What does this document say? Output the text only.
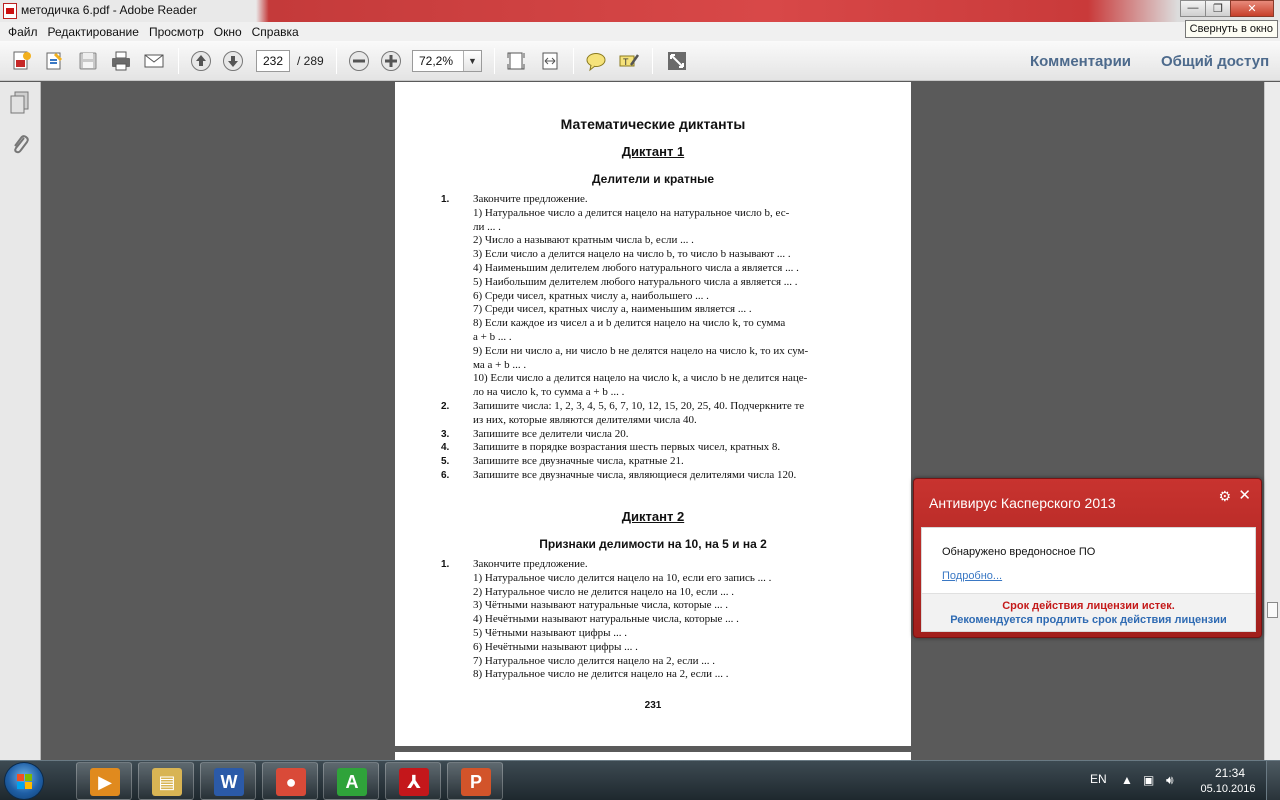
методичка 6.pdf - Adobe Reader	—	❐	✕
Свернуть в окно
Файл Редактирование Просмотр Окно Справка
232	/ 289	72,2%	▼	T	Комментарии Общий доступ
Математические диктанты
Диктант 1
Делители и кратные
1. Закончите предложение.
1) Натуральное число a делится нацело на натуральное число b, ес-
ли ... .
2) Число a называют кратным числа b, если ... .
3) Если число a делится нацело на число b, то число b называют ... .
4) Наименьшим делителем любого натурального числа a является ... .
5) Наибольшим делителем любого натурального числа a является ... .
6) Среди чисел, кратных числу a, наибольшего ... .
7) Среди чисел, кратных числу a, наименьшим является ... .
8) Если каждое из чисел a и b делится нацело на число k, то сумма
a + b ... .
9) Если ни число a, ни число b не делятся нацело на число k, то их сум-
ма a + b ... .
10) Если число a делится нацело на число k, а число b не делится наце-
ло на число k, то сумма a + b ... .
2. Запишите числа: 1, 2, 3, 4, 5, 6, 7, 10, 12, 15, 20, 25, 40. Подчеркните те
из них, которые являются делителями числа 40.
3. Запишите все делители числа 20.
4. Запишите в порядке возрастания шесть первых чисел, кратных 8.
5. Запишите все двузначные числа, кратные 21.
6. Запишите все двузначные числа, являющиеся делителями числа 120.
Диктант 2
Признаки делимости на 10, на 5 и на 2
1. Закончите предложение.
1) Натуральное число делится нацело на 10, если его запись ... .
2) Натуральное число не делится нацело на 10, если ... .
3) Чётными называют натуральные числа, которые ... .
4) Нечётными называют натуральные числа, которые ... .
5) Чётными называют цифры ... .
6) Нечётными называют цифры ... .
7) Натуральное число делится нацело на 2, если ... .
8) Натуральное число не делится нацело на 2, если ... .
231
Антивирус Касперского 2013	⚙ ✕
Обнаружено вредоносное ПО
Подробно...
Срок действия лицензии истек.
Рекомендуется продлить срок действия лицензии
▶	▤	W	●	A	⅄	P	EN ▲ ▣ 🔊︎	21:34
05.10.2016
